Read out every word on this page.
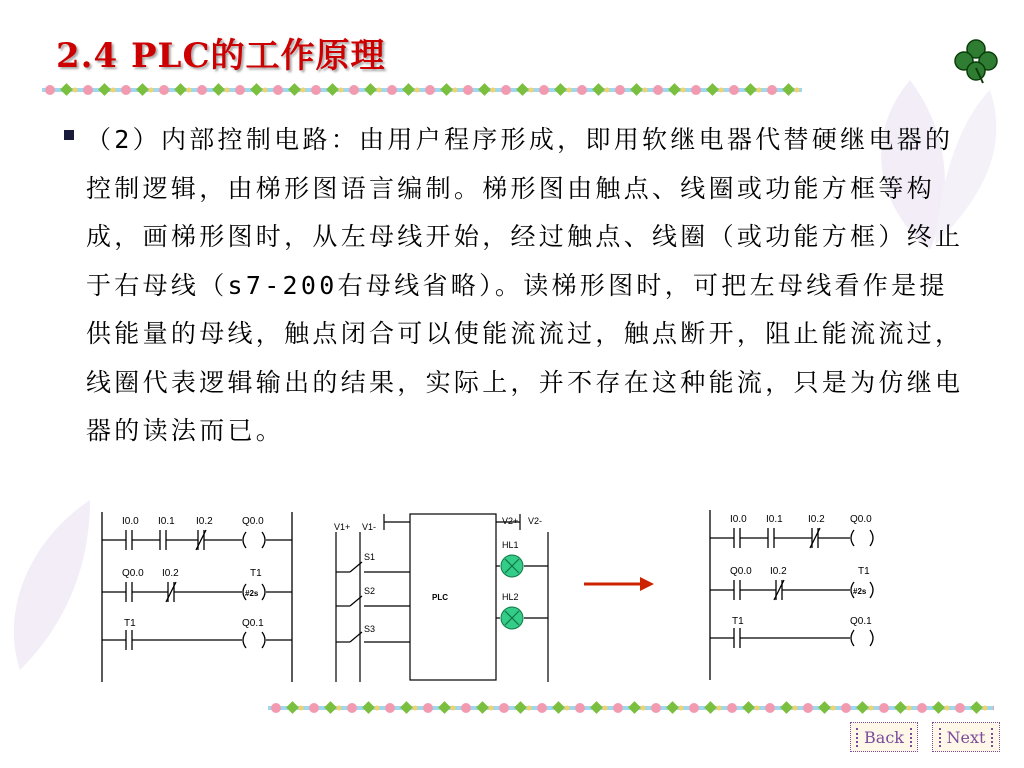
2.4 PLC的工作原理
（2）内部控制电路：由用户程序形成，即用软继电器代替硬继电器的控制逻辑，由梯形图语言编制。梯形图由触点、线圈或功能方框等构成，画梯形图时，从左母线开始，经过触点、线圈（或功能方框）终止于右母线（s7-200右母线省略）。读梯形图时，可把左母线看作是提供能量的母线，触点闭合可以使能流流过，触点断开，阻止能流流过，线圈代表逻辑输出的结果，实际上，并不存在这种能流，只是为仿继电器的读法而已。
I0.0 I0.1 I0.2	Q0.0
Q0.0 I0.2	T1
#2s
T1	Q0.1
V1+ V1-
V2+ V2-
S1
S2
S3
HL1
HL2
PLC
I0.0 I0.1	I0.2	Q0.0
Q0.0 I0.2	T1
#2s
T1	Q0.1
Back	Next
